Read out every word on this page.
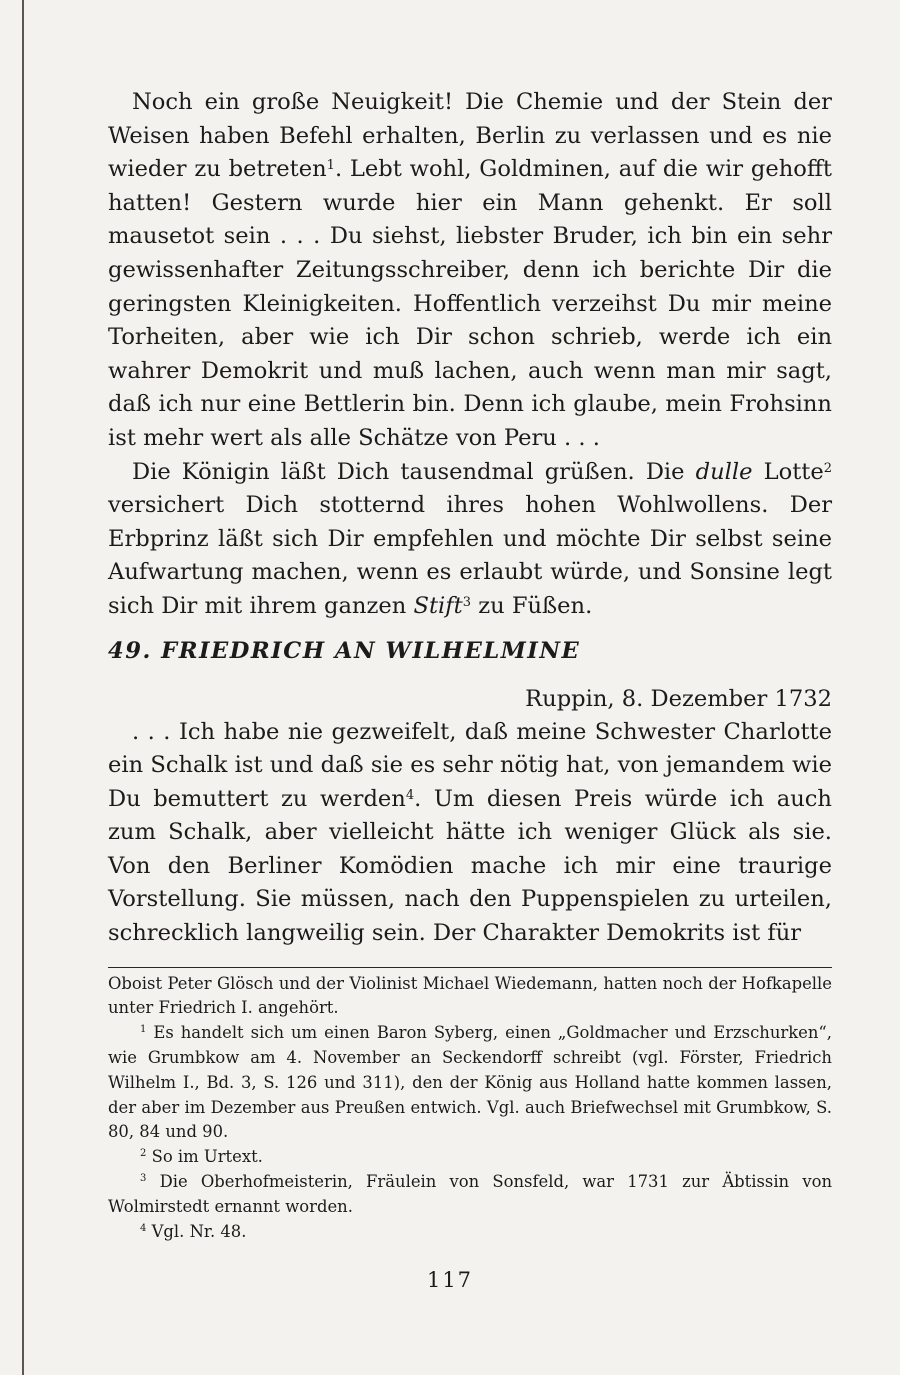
Noch ein große Neuigkeit! Die Chemie und der Stein der Weisen haben Befehl erhalten, Berlin zu verlassen und es nie wieder zu betreten$^1$. Lebt wohl, Goldminen, auf die wir gehofft hatten! Gestern wurde hier ein Mann gehenkt. Er soll mausetot sein . . . Du siehst, liebster Bruder, ich bin ein sehr gewissenhafter Zeitungsschreiber, denn ich berichte Dir die geringsten Kleinigkeiten. Hoffentlich verzeihst Du mir meine Torheiten, aber wie ich Dir schon schrieb, werde ich ein wahrer Demokrit und muß lachen, auch wenn man mir sagt, daß ich nur eine Bettlerin bin. Denn ich glaube, mein Frohsinn ist mehr wert als alle Schätze von Peru . . .

Die Königin läßt Dich tausendmal grüßen. Die dulle Lotte$^2$ versichert Dich stotternd ihres hohen Wohlwollens. Der Erbprinz läßt sich Dir empfehlen und möchte Dir selbst seine Aufwartung machen, wenn es erlaubt würde, und Sonsine legt sich Dir mit ihrem ganzen Stift$^3$ zu Füßen.

49. FRIEDRICH AN WILHELMINE

Ruppin, 8. Dezember 1732

. . . Ich habe nie gezweifelt, daß meine Schwester Charlotte ein Schalk ist und daß sie es sehr nötig hat, von jemandem wie Du bemuttert zu werden$^4$. Um diesen Preis würde ich auch zum Schalk, aber vielleicht hätte ich weniger Glück als sie. Von den Berliner Komödien mache ich mir eine traurige Vorstellung. Sie müssen, nach den Puppenspielen zu urteilen, schrecklich langweilig sein. Der Charakter Demokrits ist für

Oboist Peter Glösch und der Violinist Michael Wiedemann, hatten noch der Hofkapelle unter Friedrich I. angehört.

$^1$ Es handelt sich um einen Baron Syberg, einen „Goldmacher und Erzschurken“, wie Grumbkow am 4. November an Seckendorff schreibt (vgl. Förster, Friedrich Wilhelm I., Bd. 3, S. 126 und 311), den der König aus Holland hatte kommen lassen, der aber im Dezember aus Preußen entwich. Vgl. auch Briefwechsel mit Grumbkow, S. 80, 84 und 90.

$^2$ So im Urtext.

$^3$ Die Oberhofmeisterin, Fräulein von Sonsfeld, war 1731 zur Äbtissin von Wolmirstedt ernannt worden.

$^4$ Vgl. Nr. 48.

117
